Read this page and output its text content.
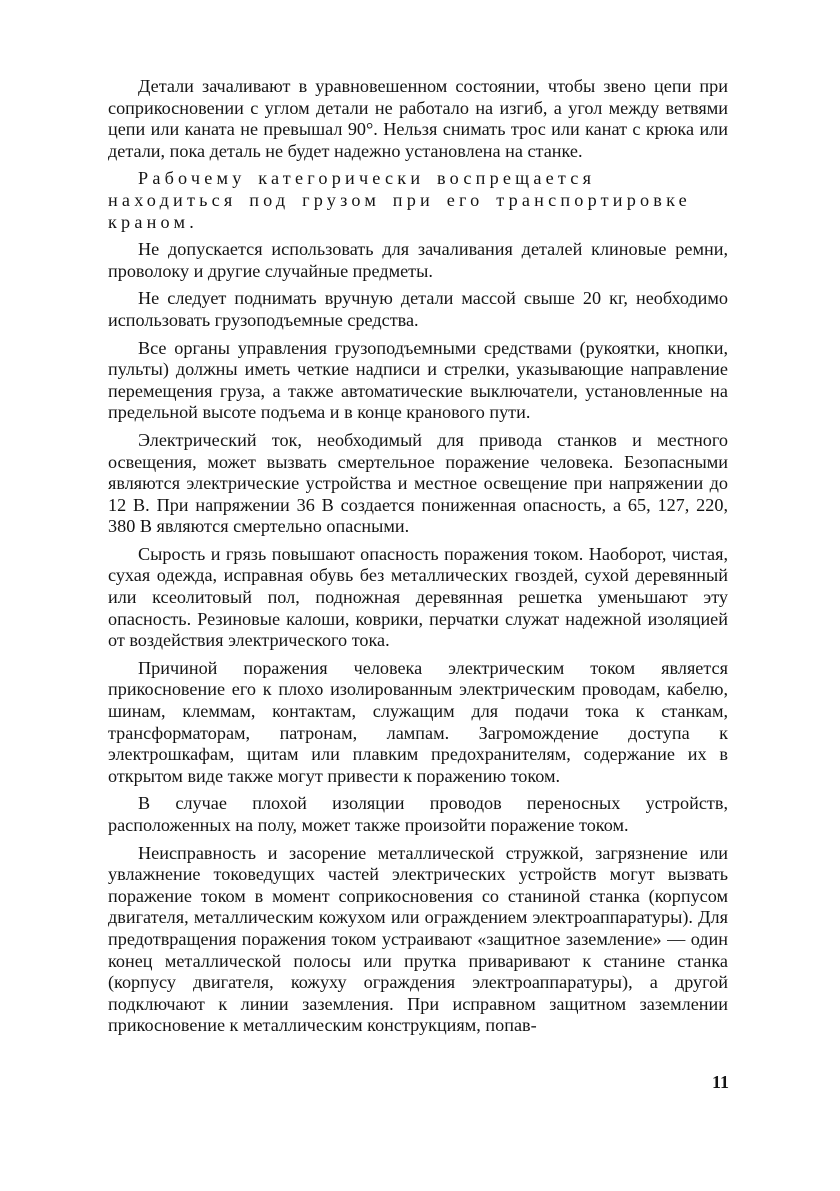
Детали зачаливают в уравновешенном состоянии, чтобы звено цепи при соприкосновении с углом детали не работало на изгиб, а угол между ветвями цепи или каната не превышал 90°. Нельзя снимать трос или канат с крюка или детали, пока деталь не будет надежно установлена на станке.

Рабочему категорически воспрещается находиться под грузом при его транспортировке краном.

Не допускается использовать для зачаливания деталей клиновые ремни, проволоку и другие случайные предметы.

Не следует поднимать вручную детали массой свыше 20 кг, необходимо использовать грузоподъемные средства.

Все органы управления грузоподъемными средствами (рукоятки, кнопки, пульты) должны иметь четкие надписи и стрелки, указывающие направление перемещения груза, а также автоматические выключатели, установленные на предельной высоте подъема и в конце кранового пути.

Электрический ток, необходимый для привода станков и местного освещения, может вызвать смертельное поражение человека. Безопасными являются электрические устройства и местное освещение при напряжении до 12 В. При напряжении 36 В создается пониженная опасность, а 65, 127, 220, 380 В являются смертельно опасными.

Сырость и грязь повышают опасность поражения током. Наоборот, чистая, сухая одежда, исправная обувь без металлических гвоздей, сухой деревянный или ксеолитовый пол, подножная деревянная решетка уменьшают эту опасность. Резиновые калоши, коврики, перчатки служат надежной изоляцией от воздействия электрического тока.

Причиной поражения человека электрическим током является прикосновение его к плохо изолированным электрическим проводам, кабелю, шинам, клеммам, контактам, служащим для подачи тока к станкам, трансформаторам, патронам, лампам. Загромождение доступа к электрошкафам, щитам или плавким предохранителям, содержание их в открытом виде также могут привести к поражению током.

В случае плохой изоляции проводов переносных устройств, расположенных на полу, может также произойти поражение током.

Неисправность и засорение металлической стружкой, загрязнение или увлажнение токоведущих частей электрических устройств могут вызвать поражение током в момент соприкосновения со станиной станка (корпусом двигателя, металлическим кожухом или ограждением электроаппаратуры). Для предотвращения поражения током устраивают «защитное заземление» — один конец металлической полосы или прутка приваривают к станине станка (корпусу двигателя, кожуху ограждения электроаппаратуры), а другой подключают к линии заземления. При исправном защитном заземлении прикосновение к металлическим конструкциям, попав-

11
